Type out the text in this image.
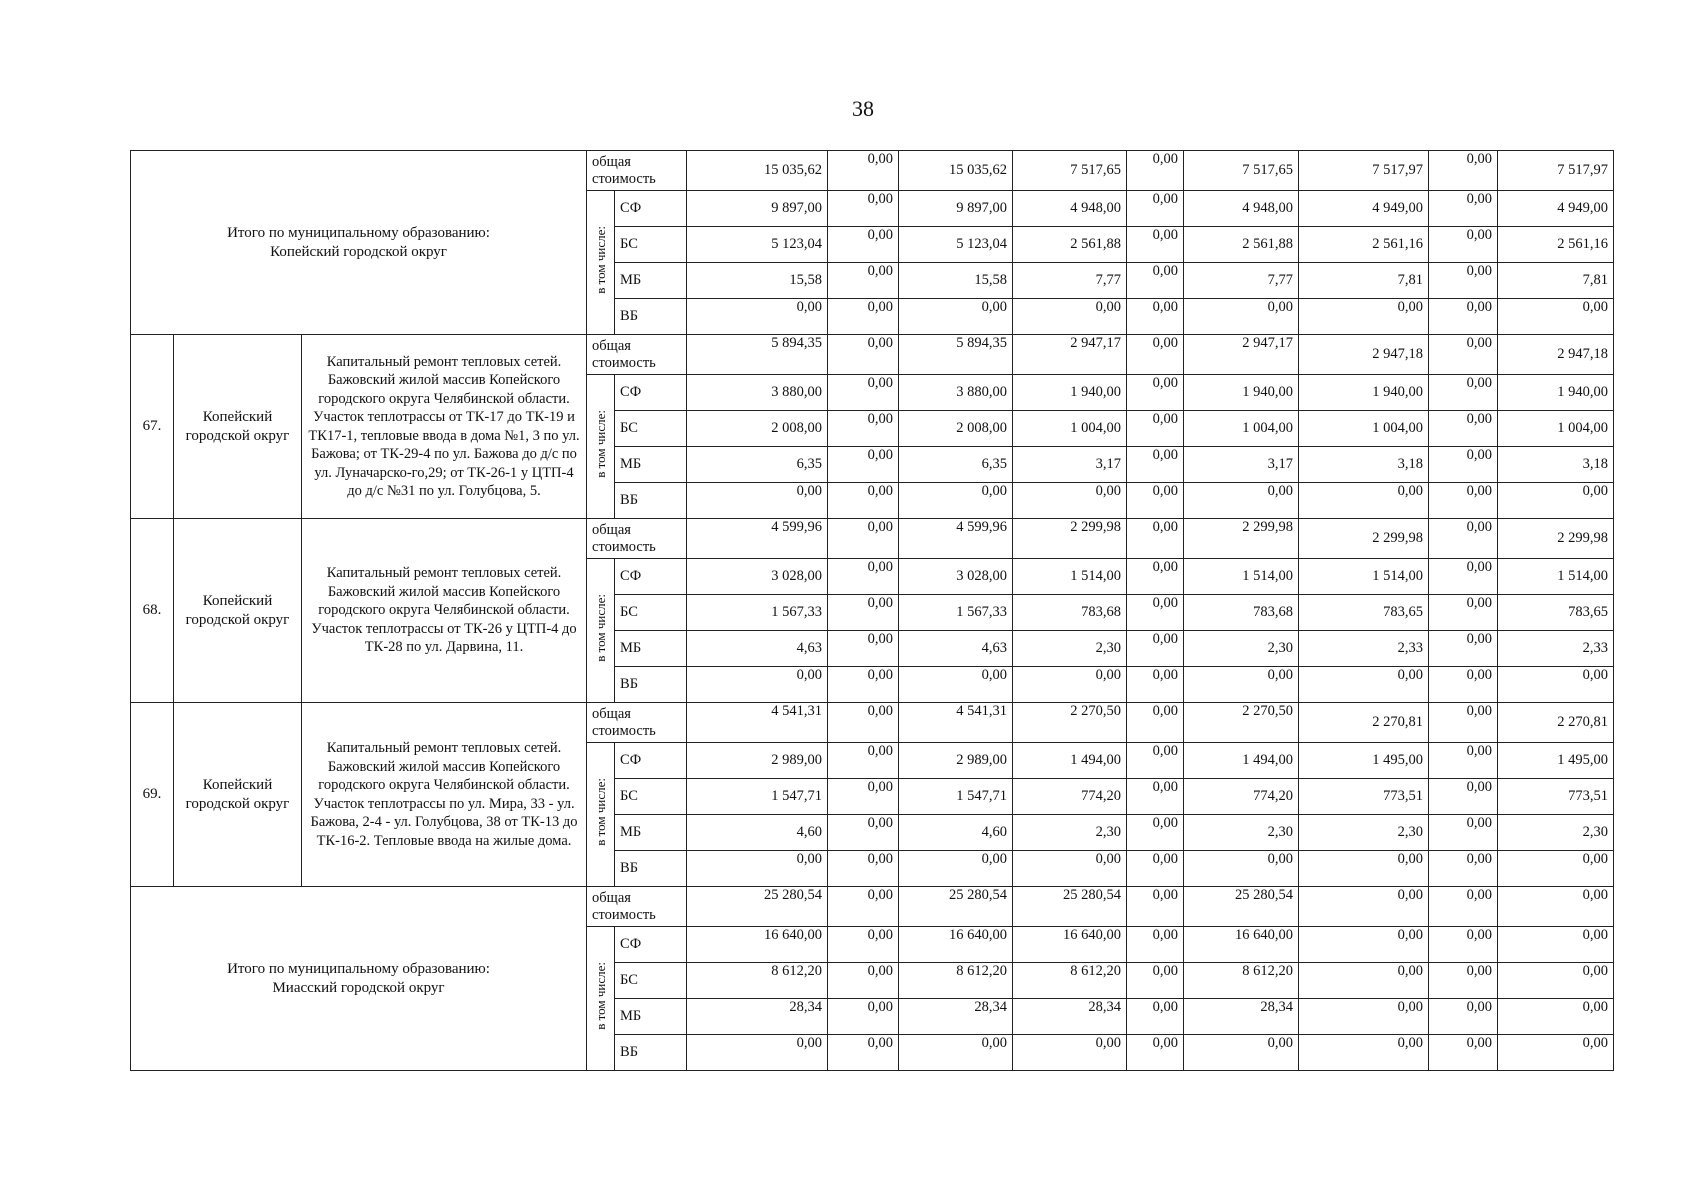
38
Итого по муниципальному образованию:
Копейский городской округ			общая стоимость		15 035,62	0,00	15 035,62	7 517,65	0,00	7 517,65	7 517,97	0,00	7 517,97
			в том числе:	СФ	9 897,00	0,00	9 897,00	4 948,00	0,00	4 948,00	4 949,00	0,00	4 949,00
				БС	5 123,04	0,00	5 123,04	2 561,88	0,00	2 561,88	2 561,16	0,00	2 561,16
				МБ	15,58	0,00	15,58	7,77	0,00	7,77	7,81	0,00	7,81
				ВБ	0,00	0,00	0,00	0,00	0,00	0,00	0,00	0,00	0,00
67.	Копейский городской округ	Капитальный ремонт тепловых сетей. Бажовский жилой массив Копейского городского округа Челябинской области. Участок теплотрассы от ТК-17 до ТК-19 и ТК17-1, тепловые ввода в дома №1, 3 по ул. Бажова; от ТК-29-4 по ул. Бажова до д/с по ул. Луначарско-го,29; от ТК-26-1 у ЦТП-4 до д/с №31 по ул. Голубцова, 5.	общая стоимость		5 894,35	0,00	5 894,35	2 947,17	0,00	2 947,17	2 947,18	0,00	2 947,18
			в том числе:	СФ	3 880,00	0,00	3 880,00	1 940,00	0,00	1 940,00	1 940,00	0,00	1 940,00
				БС	2 008,00	0,00	2 008,00	1 004,00	0,00	1 004,00	1 004,00	0,00	1 004,00
				МБ	6,35	0,00	6,35	3,17	0,00	3,17	3,18	0,00	3,18
				ВБ	0,00	0,00	0,00	0,00	0,00	0,00	0,00	0,00	0,00
68.	Копейский городской округ	Капитальный ремонт тепловых сетей. Бажовский жилой массив Копейского городского округа Челябинской области. Участок теплотрассы от ТК-26 у ЦТП-4 до ТК-28 по ул. Дарвина, 11.	общая стоимость		4 599,96	0,00	4 599,96	2 299,98	0,00	2 299,98	2 299,98	0,00	2 299,98
			в том числе:	СФ	3 028,00	0,00	3 028,00	1 514,00	0,00	1 514,00	1 514,00	0,00	1 514,00
				БС	1 567,33	0,00	1 567,33	783,68	0,00	783,68	783,65	0,00	783,65
				МБ	4,63	0,00	4,63	2,30	0,00	2,30	2,33	0,00	2,33
				ВБ	0,00	0,00	0,00	0,00	0,00	0,00	0,00	0,00	0,00
69.	Копейский городской округ	Капитальный ремонт тепловых сетей. Бажовский жилой массив Копейского городского округа Челябинской области. Участок теплотрассы по ул. Мира, 33 - ул. Бажова, 2-4 - ул. Голубцова, 38 от ТК-13 до ТК-16-2. Тепловые ввода на жилые дома.	общая стоимость		4 541,31	0,00	4 541,31	2 270,50	0,00	2 270,50	2 270,81	0,00	2 270,81
			в том числе:	СФ	2 989,00	0,00	2 989,00	1 494,00	0,00	1 494,00	1 495,00	0,00	1 495,00
				БС	1 547,71	0,00	1 547,71	774,20	0,00	774,20	773,51	0,00	773,51
				МБ	4,60	0,00	4,60	2,30	0,00	2,30	2,30	0,00	2,30
				ВБ	0,00	0,00	0,00	0,00	0,00	0,00	0,00	0,00	0,00
Итого по муниципальному образованию:
Миасский городской округ			общая стоимость		25 280,54	0,00	25 280,54	25 280,54	0,00	25 280,54	0,00	0,00	0,00
			в том числе:	СФ	16 640,00	0,00	16 640,00	16 640,00	0,00	16 640,00	0,00	0,00	0,00
				БС	8 612,20	0,00	8 612,20	8 612,20	0,00	8 612,20	0,00	0,00	0,00
				МБ	28,34	0,00	28,34	28,34	0,00	28,34	0,00	0,00	0,00
				ВБ	0,00	0,00	0,00	0,00	0,00	0,00	0,00	0,00	0,00
